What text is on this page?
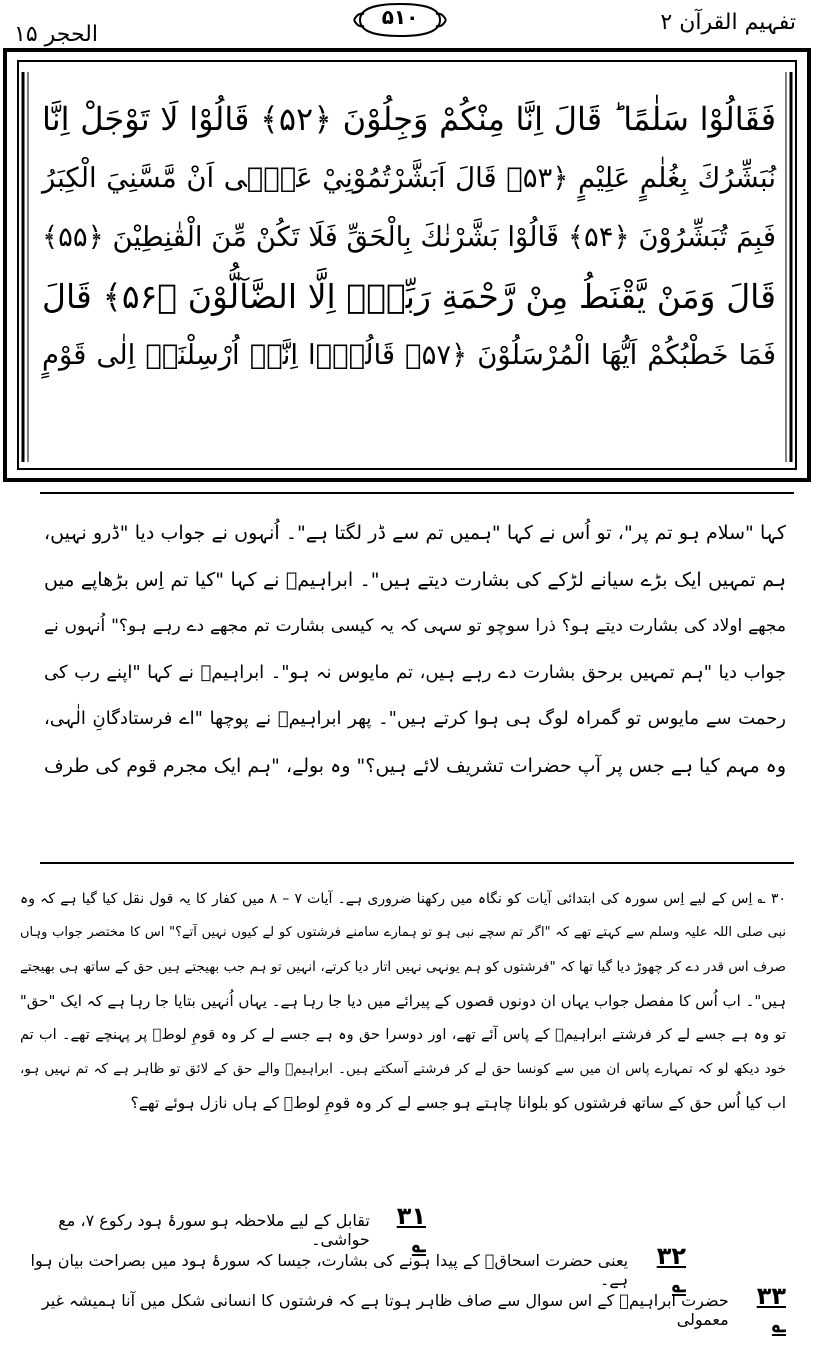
تفہیم القرآن ۲
۵۱۰
الحجر ۱۵
فَقَالُوْا سَلٰمًا ؕ قَالَ اِنَّا مِنْكُمْ وَجِلُوْنَ ﴿۵۲﴾ قَالُوْا لَا تَوْجَلْ اِنَّا
نُبَشِّرُكَ بِغُلٰمٍ عَلِيْمٍ ﴿۵۳﴾ قَالَ اَبَشَّرْتُمُوْنِيْ عَلٰۤى اَنْ مَّسَّنِيَ الْكِبَرُ
فَبِمَ تُبَشِّرُوْنَ ﴿۵۴﴾ قَالُوْا بَشَّرْنٰكَ بِالْحَقِّ فَلَا تَكُنْ مِّنَ الْقٰنِطِيْنَ ﴿۵۵﴾
قَالَ وَمَنْ يَّقْنَطُ مِنْ رَّحْمَةِ رَبِّهٖۤ اِلَّا الضَّآلُّوْنَ ﴿۵۶﴾ قَالَ
فَمَا خَطْبُكُمْ اَيُّهَا الْمُرْسَلُوْنَ ﴿۵۷﴾ قَالُوْۤا اِنَّاۤ اُرْسِلْنَاۤ اِلٰى قَوْمٍ
کہا "سلام ہو تم پر"، تو اُس نے کہا "ہمیں تم سے ڈر لگتا ہے"۔ اُنہوں نے جواب دیا "ڈرو نہیں،
ہم تمہیں ایک بڑے سیانے لڑکے کی بشارت دیتے ہیں"۔ ابراہیمؑ نے کہا "کیا تم اِس بڑھاپے میں
مجھے اولاد کی بشارت دیتے ہو؟ ذرا سوچو تو سہی کہ یہ کیسی بشارت تم مجھے دے رہے ہو؟" اُنہوں نے
جواب دیا "ہم تمہیں برحق بشارت دے رہے ہیں، تم مایوس نہ ہو"۔ ابراہیمؑ نے کہا "اپنے رب کی
رحمت سے مایوس تو گمراہ لوگ ہی ہوا کرتے ہیں"۔ پھر ابراہیمؑ نے پوچھا "اے فرستادگانِ الٰہی،
وہ مہم کیا ہے جس پر آپ حضرات تشریف لائے ہیں؟" وہ بولے، "ہم ایک مجرم قوم کی طرف
۳۰ ؎ اِس کے لیے اِس سورہ کی ابتدائی آیات کو نگاہ میں رکھنا ضروری ہے۔ آیات ۷ – ۸ میں کفار کا یہ قول نقل کیا گیا ہے کہ وہ
نبی صلی اللہ علیہ وسلم سے کہتے تھے کہ "اگر تم سچے نبی ہو تو ہمارے سامنے فرشتوں کو لے کیوں نہیں آتے؟" اس کا مختصر جواب وہاں
صرف اس قدر دے کر چھوڑ دیا گیا تھا کہ "فرشتوں کو ہم یونہی نہیں اتار دیا کرتے، انہیں تو ہم جب بھیجتے ہیں حق کے ساتھ ہی بھیجتے
ہیں"۔ اب اُس کا مفصل جواب یہاں ان دونوں قصوں کے پیرائے میں دیا جا رہا ہے۔ یہاں اُنہیں بتایا جا رہا ہے کہ ایک "حق"
تو وہ ہے جسے لے کر فرشتے ابراہیمؑ کے پاس آئے تھے، اور دوسرا حق وہ ہے جسے لے کر وہ قومِ لوطؑ پر پہنچے تھے۔ اب تم
خود دیکھ لو کہ تمہارے پاس ان میں سے کونسا حق لے کر فرشتے آسکتے ہیں۔ ابراہیمؑ والے حق کے لائق تو ظاہر ہے کہ تم نہیں ہو،
اب کیا اُس حق کے ساتھ فرشتوں کو بلوانا چاہتے ہو جسے لے کر وہ قومِ لوطؑ کے ہاں نازل ہوئے تھے؟
۳۱ ؎
تقابل کے لیے ملاحظہ ہو سورۂ ہود رکوع ۷، مع حواشی۔
۳۲ ؎
یعنی حضرت اسحاقؑ کے پیدا ہونے کی بشارت، جیسا کہ سورۂ ہود میں بصراحت بیان ہوا ہے۔
۳۳ ؎
حضرت ابراہیمؑ کے اس سوال سے صاف ظاہر ہوتا ہے کہ فرشتوں کا انسانی شکل میں آنا ہمیشہ غیر معمولی
